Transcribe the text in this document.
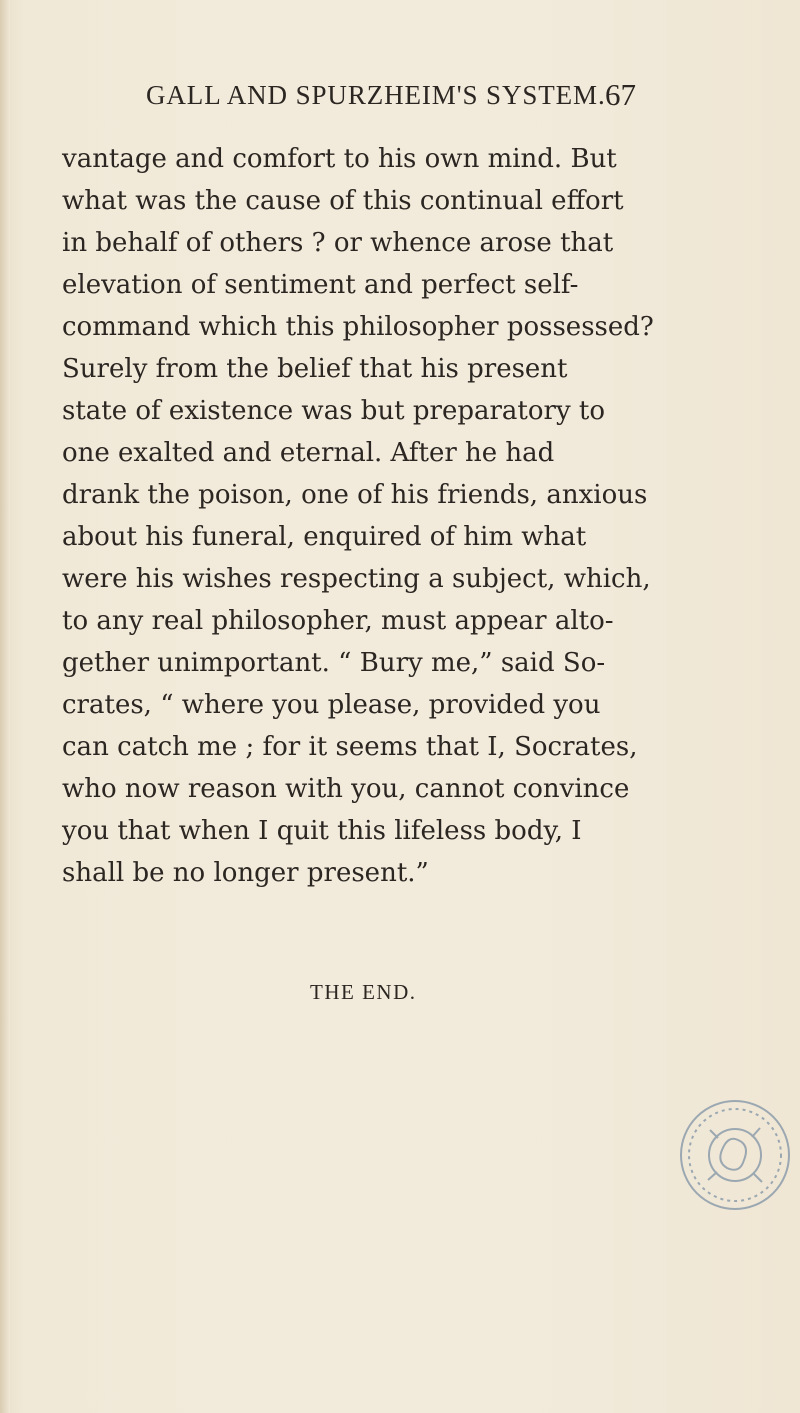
GALL AND SPURZHEIM'S SYSTEM. 67
vantage and comfort to his own mind. But
what was the cause of this continual effort
in behalf of others ? or whence arose that
elevation of sentiment and perfect self-
command which this philosopher possessed?
Surely from the belief that his present
state of existence was but preparatory to
one exalted and eternal. After he had
drank the poison, one of his friends, anxious
about his funeral, enquired of him what
were his wishes respecting a subject, which,
to any real philosopher, must appear alto-
gether unimportant. “ Bury me,” said So-
crates, “ where you please, provided you
can catch me ; for it seems that I, Socrates,
who now reason with you, cannot convince
you that when I quit this lifeless body, I
shall be no longer present.”
THE END.
